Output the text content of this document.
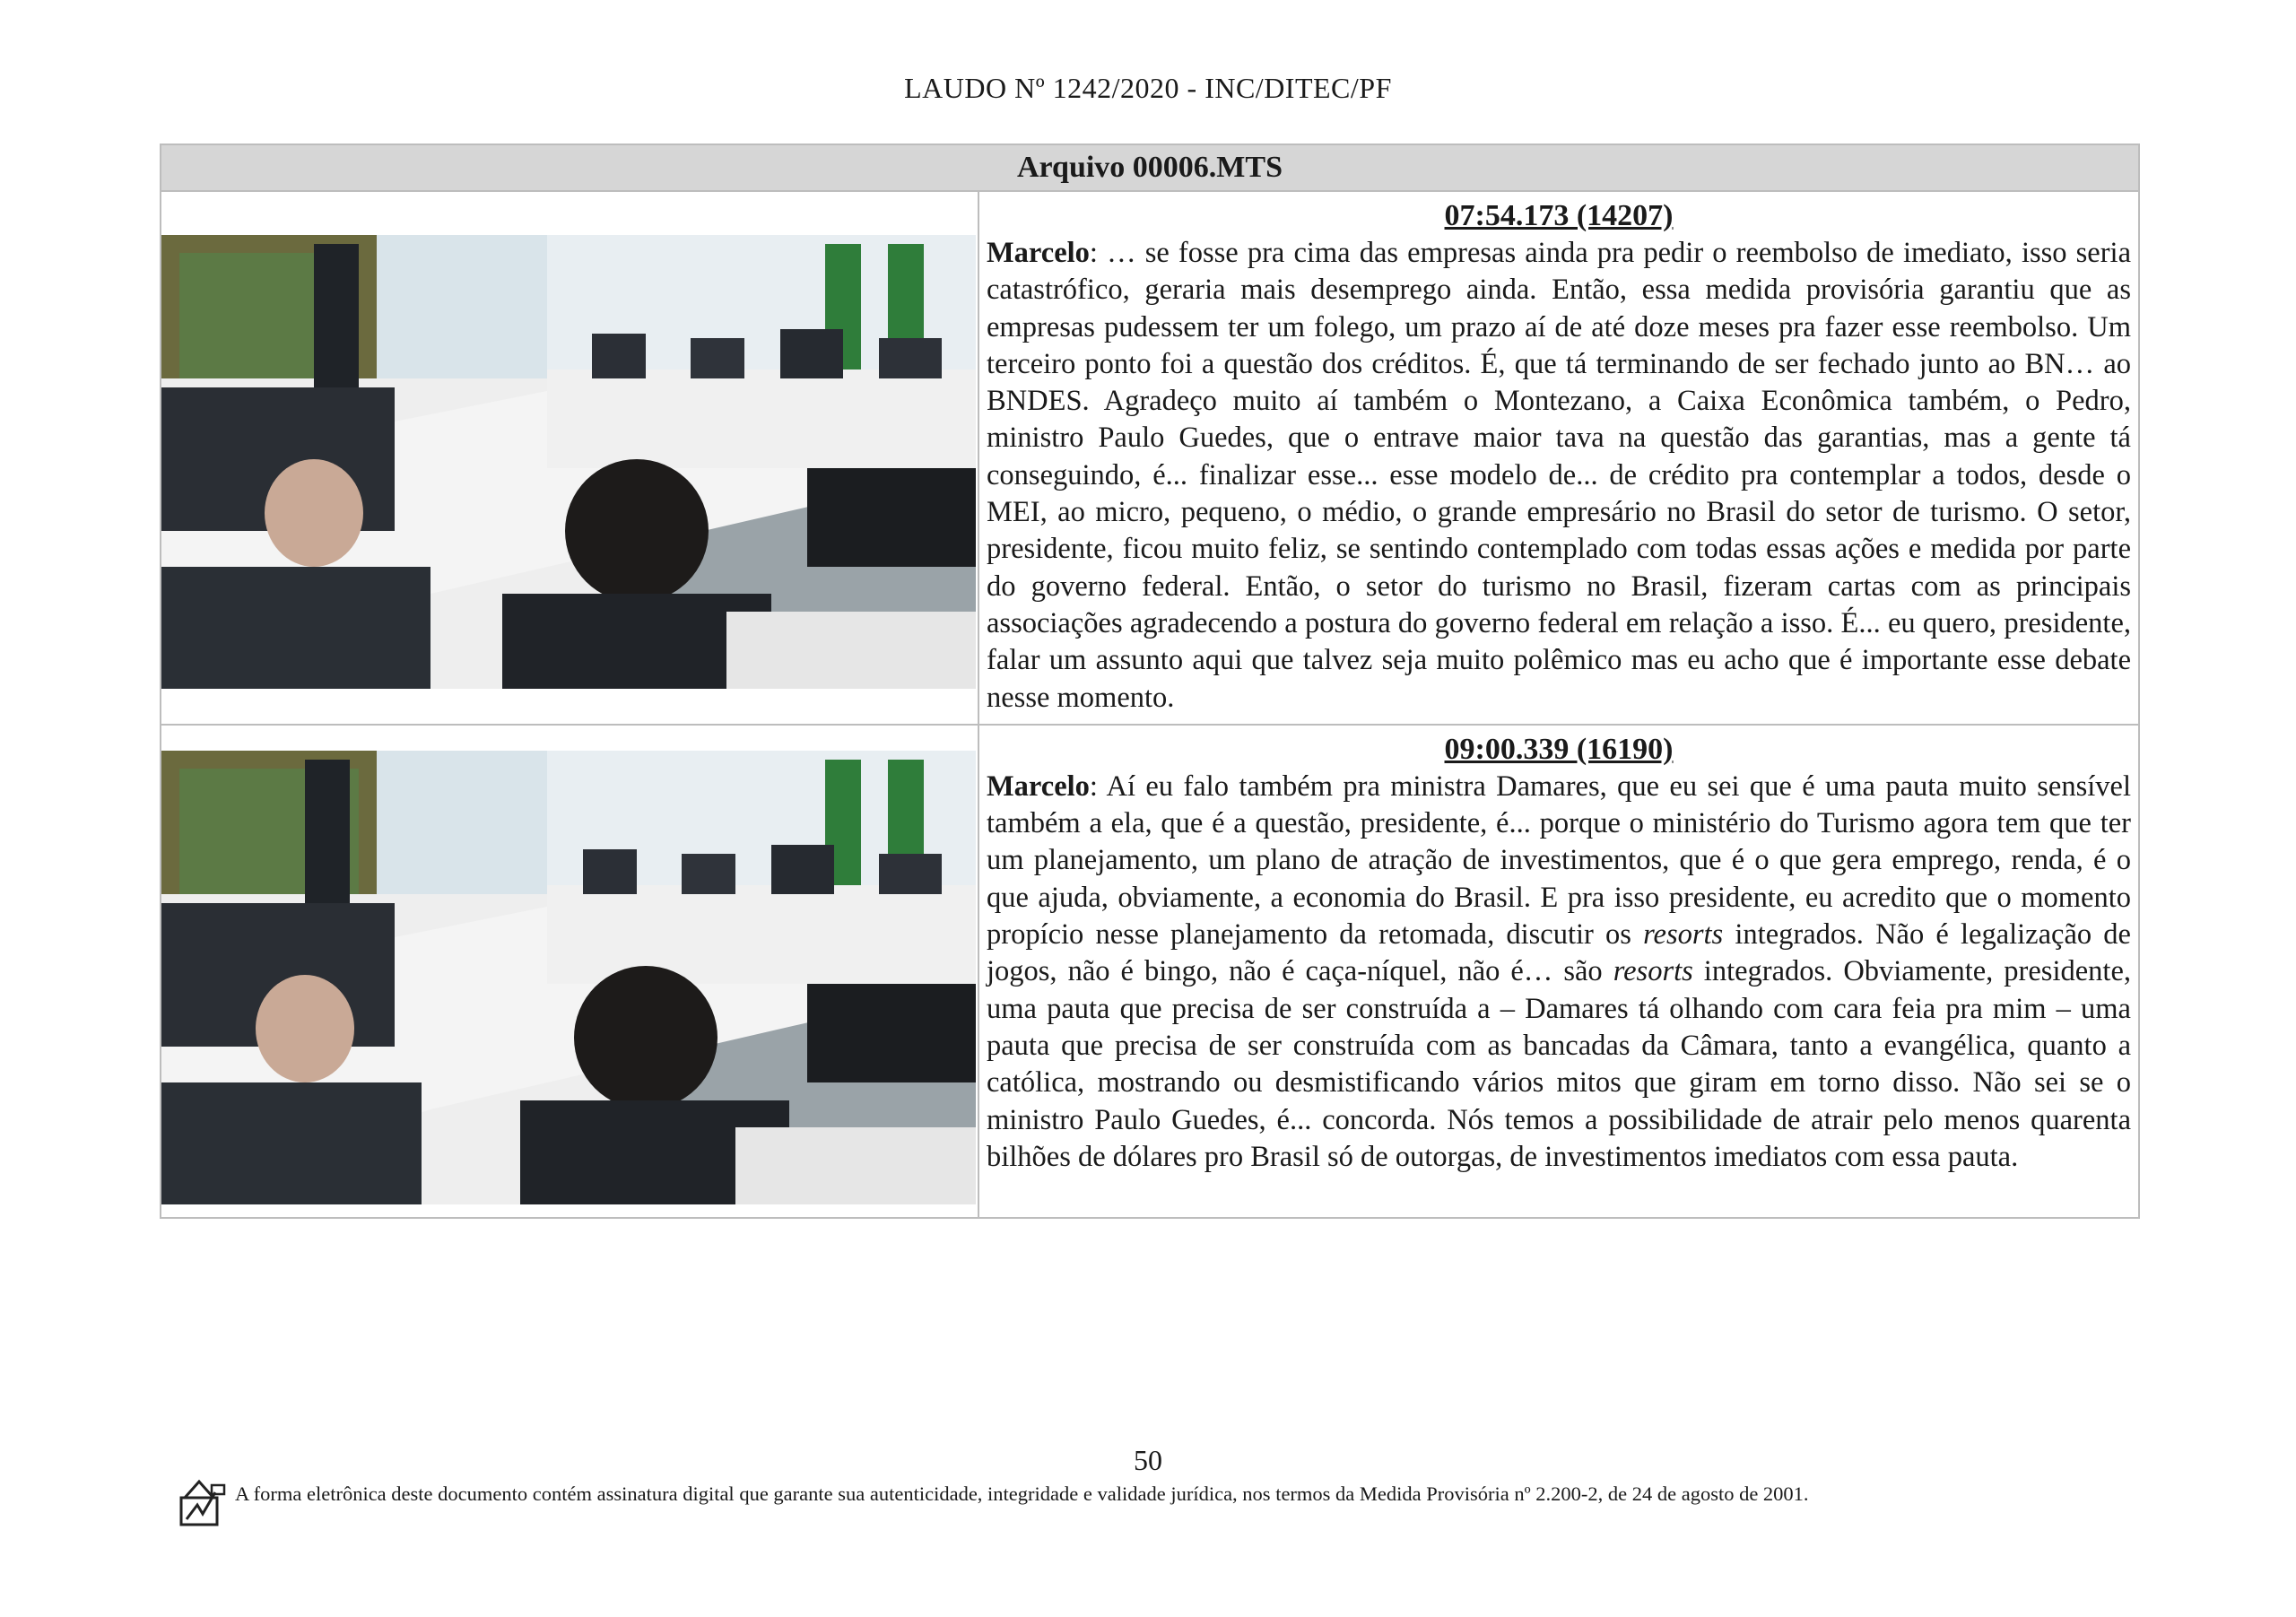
LAUDO Nº 1242/2020 - INC/DITEC/PF
Arquivo 00006.MTS	

07:54.173 (14207)

Marcelo: … se fosse pra cima das empresas ainda pra pedir o reembolso de imediato, isso seria catastrófico, geraria mais desemprego ainda. Então, essa medida provisória garantiu que as empresas pudessem ter um folego, um prazo aí de até doze meses pra fazer esse reembolso. Um terceiro ponto foi a questão dos créditos. É, que tá terminando de ser fechado junto ao BN… ao BNDES. Agradeço muito aí também o Montezano, a Caixa Econômica também, o Pedro, ministro Paulo Guedes, que o entrave maior tava na questão das garantias, mas a gente tá conseguindo, é... finalizar esse... esse modelo de... de crédito pra contemplar a todos, desde o MEI, ao micro, pequeno, o médio, o grande empresário no Brasil do setor de turismo. O setor, presidente, ficou muito feliz, se sentindo contemplado com todas essas ações e medida por parte do governo federal. Então, o setor do turismo no Brasil, fizeram cartas com as principais associações agradecendo a postura do governo federal em relação a isso. É... eu quero, presidente, falar um assunto aqui que talvez seja muito polêmico mas eu acho que é importante esse debate nesse momento.

09:00.339 (16190)

Marcelo: Aí eu falo também pra ministra Damares, que eu sei que é uma pauta muito sensível também a ela, que é a questão, presidente, é... porque o ministério do Turismo agora tem que ter um planejamento, um plano de atração de investimentos, que é o que gera emprego, renda, é o que ajuda, obviamente, a economia do Brasil. E pra isso presidente, eu acredito que o momento propício nesse planejamento da retomada, discutir os resorts integrados. Não é legalização de jogos, não é bingo, não é caça-níquel, não é… são resorts integrados. Obviamente, presidente, uma pauta que precisa de ser construída a – Damares tá olhando com cara feia pra mim – uma pauta que precisa de ser construída com as bancadas da Câmara, tanto a evangélica, quanto a católica, mostrando ou desmistificando vários mitos que giram em torno disso. Não sei se o ministro Paulo Guedes, é... concorda. Nós temos a possibilidade de atrair pelo menos quarenta bilhões de dólares pro Brasil só de outorgas, de investimentos imediatos com essa pauta.

50
A forma eletrônica deste documento contém assinatura digital que garante sua autenticidade, integridade e validade jurídica, nos termos da Medida Provisória nº 2.200-2, de 24 de agosto de 2001.
